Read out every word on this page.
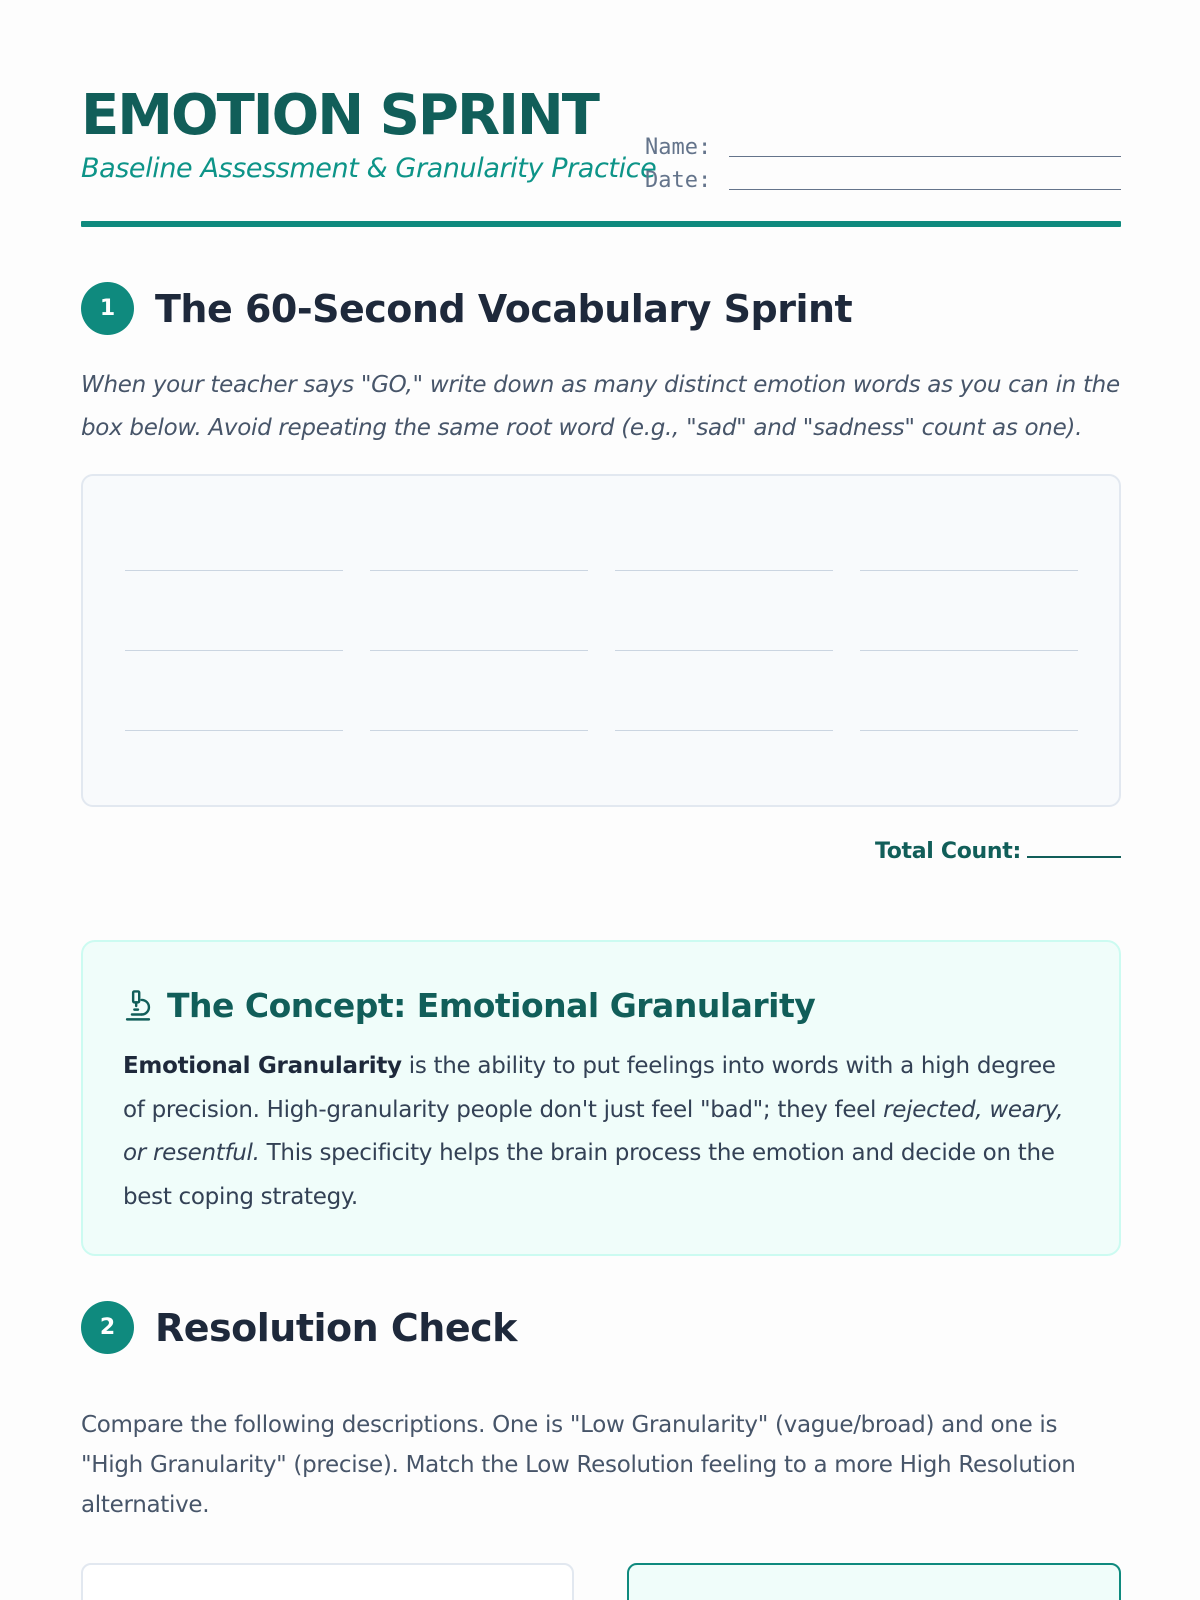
EMOTION SPRINT
Baseline Assessment & Granularity Practice
Name:
Date:
1	The 60-Second Vocabulary Sprint
When your teacher says "GO," write down as many distinct emotion words as you can in the box below. Avoid repeating the same root word (e.g., "sad" and "sadness" count as one).
Total Count:
The Concept: Emotional Granularity
Emotional Granularity is the ability to put feelings into words with a high degree of precision. High-granularity people don't just feel "bad"; they feel rejected, weary, or resentful. This specificity helps the brain process the emotion and decide on the best coping strategy.
2	Resolution Check
Compare the following descriptions. One is "Low Granularity" (vague/broad) and one is "High Granularity" (precise). Match the Low Resolution feeling to a more High Resolution alternative.
